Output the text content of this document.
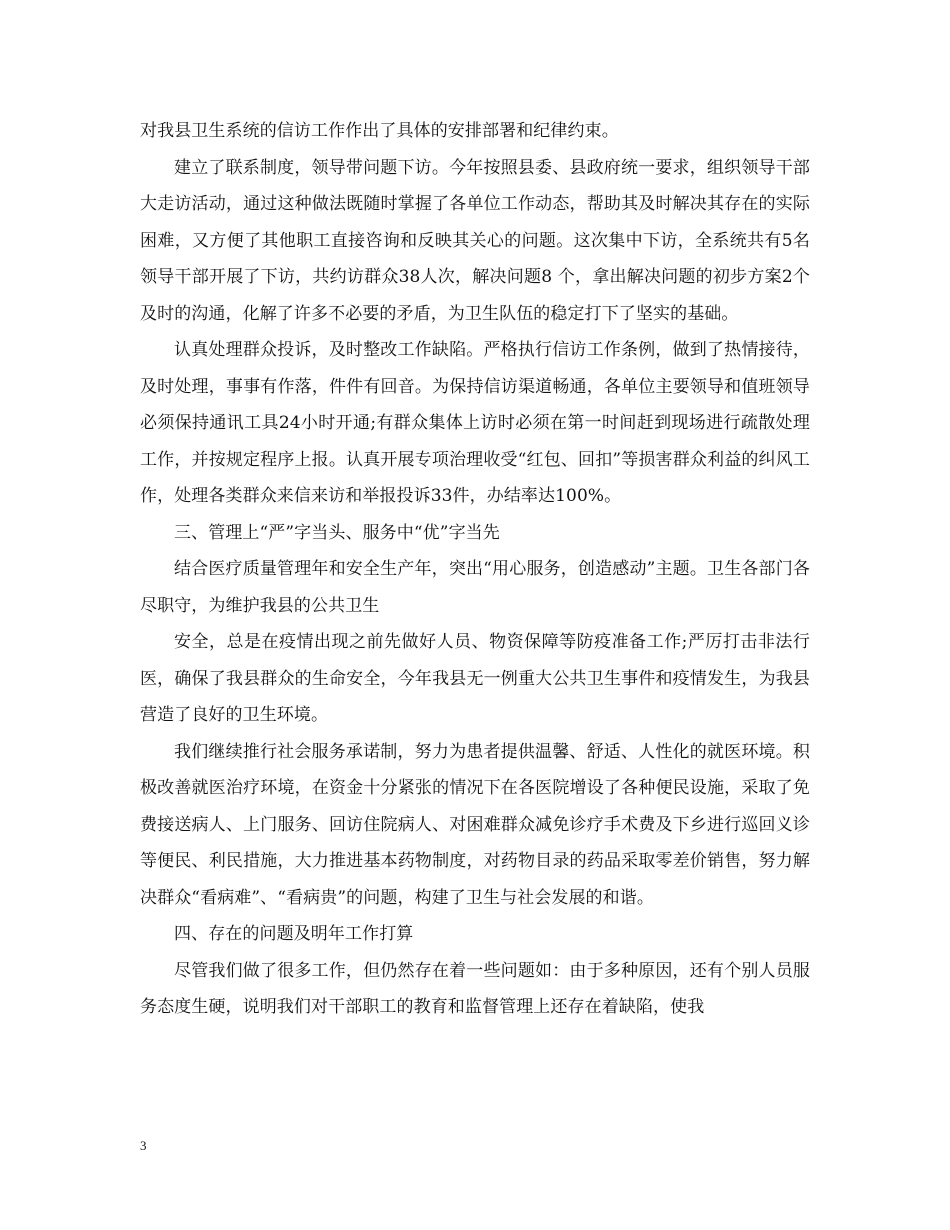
对我县卫生系统的信访工作作出了具体的安排部署和纪律约束。

建立了联系制度，领导带问题下访。今年按照县委、县政府统一要求，组织领导干部大走访活动，通过这种做法既随时掌握了各单位工作动态，帮助其及时解决其存在的实际困难，又方便了其他职工直接咨询和反映其关心的问题。这次集中下访，全系统共有5名领导干部开展了下访，共约访群众38人次，解决问题8 个，拿出解决问题的初步方案2个及时的沟通，化解了许多不必要的矛盾，为卫生队伍的稳定打下了坚实的基础。

认真处理群众投诉，及时整改工作缺陷。严格执行信访工作条例，做到了热情接待，及时处理，事事有作落，件件有回音。为保持信访渠道畅通，各单位主要领导和值班领导必须保持通讯工具24小时开通;有群众集体上访时必须在第一时间赶到现场进行疏散处理工作，并按规定程序上报。认真开展专项治理收受“红包、回扣”等损害群众利益的纠风工作，处理各类群众来信来访和举报投诉33件，办结率达100%。

三、管理上“严”字当头、服务中“优”字当先

结合医疗质量管理年和安全生产年，突出“用心服务，创造感动”主题。卫生各部门各尽职守，为维护我县的公共卫生

安全，总是在疫情出现之前先做好人员、物资保障等防疫准备工作;严厉打击非法行医，确保了我县群众的生命安全，今年我县无一例重大公共卫生事件和疫情发生，为我县营造了良好的卫生环境。

我们继续推行社会服务承诺制，努力为患者提供温馨、舒适、人性化的就医环境。积极改善就医治疗环境，在资金十分紧张的情况下在各医院增设了各种便民设施，采取了免费接送病人、上门服务、回访住院病人、对困难群众减免诊疗手术费及下乡进行巡回义诊等便民、利民措施，大力推进基本药物制度，对药物目录的药品采取零差价销售，努力解决群众“看病难”、“看病贵”的问题，构建了卫生与社会发展的和谐。

四、存在的问题及明年工作打算

尽管我们做了很多工作，但仍然存在着一些问题如：由于多种原因，还有个别人员服务态度生硬，说明我们对干部职工的教育和监督管理上还存在着缺陷，使我

3
